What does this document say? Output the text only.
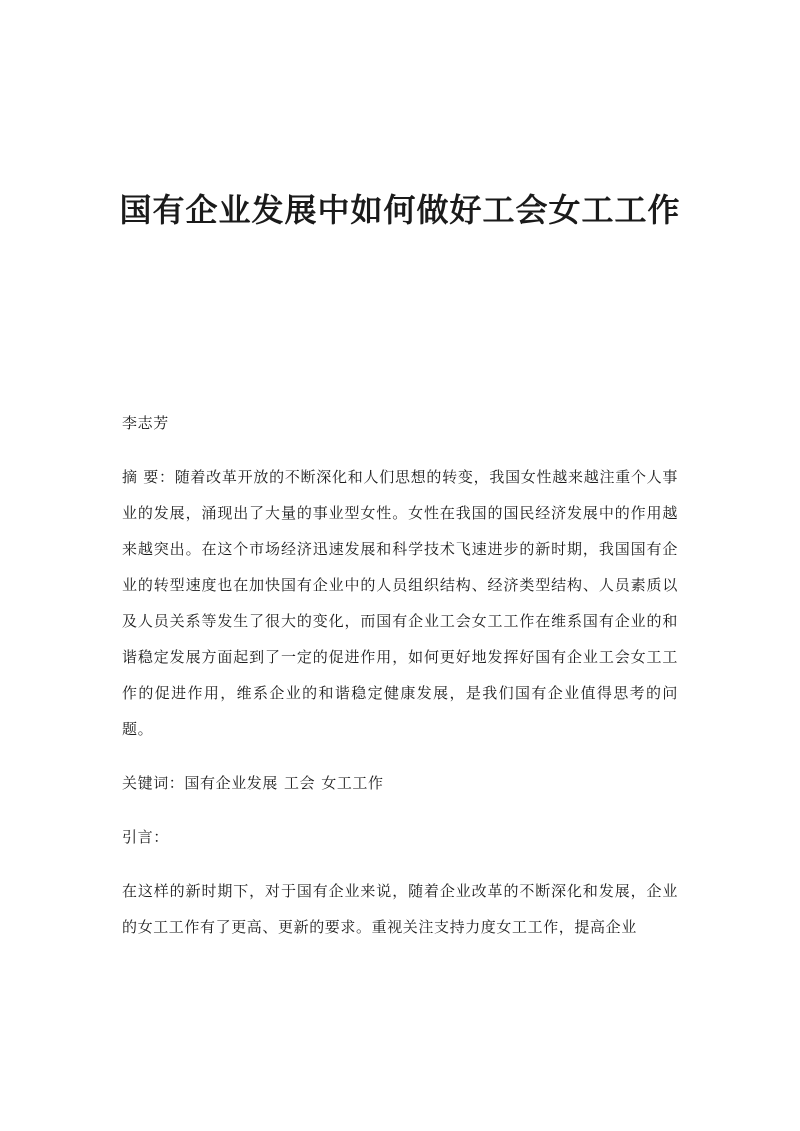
国有企业发展中如何做好工会女工工作

李志芳

摘 要：随着改革开放的不断深化和人们思想的转变，我国女性越来越注重个人事业的发展，涌现出了大量的事业型女性。女性在我国的国民经济发展中的作用越来越突出。在这个市场经济迅速发展和科学技术飞速进步的新时期，我国国有企业的转型速度也在加快国有企业中的人员组织结构、经济类型结构、人员素质以及人员关系等发生了很大的变化，而国有企业工会女工工作在维系国有企业的和谐稳定发展方面起到了一定的促进作用，如何更好地发挥好国有企业工会女工工作的促进作用，维系企业的和谐稳定健康发展，是我们国有企业值得思考的问题。

关键词：国有企业发展 工会 女工工作

引言：

在这样的新时期下，对于国有企业来说，随着企业改革的不断深化和发展，企业的女工工作有了更高、更新的要求。重视关注支持力度女工工作，提高企业
